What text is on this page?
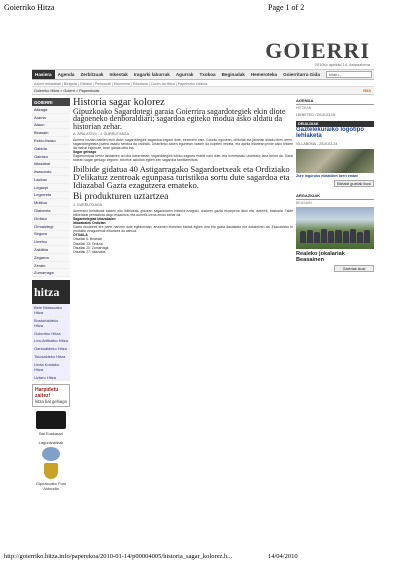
Goierriko Hitza	Page 1 of 2
GOIERRI
2010ko apirilak 14, Asteazkena
Hasiera	Agenda	Zerbitzuak	Inkestak	Iragarki laburrak	Agurrak	Txokoa	Beginadak	Hemeroteka	Goierritarra Gida	bilatu...
Azken orrialdeak | Bizigeak | Ekitaldi | Pertsonak | Ekonomia | Elkarlana | Zuzen da Hitza | Paperezko edizioa
Goierriko Hitza > Goierri > Paperekoak	RSS
GOIERRI
Altzaga
Arama
Ataun
Beasain
Ezkio-Itsaso
Gabiria
Gaintza
Idiazabal
Itsasondo
Lazkao
Legazpi
Legorreta
Mutiloa
Olaberria
Ordizia
Ormaiztegi
Segura
Urretxu
Zaldibia
Zegama
Zerain
Zumarraga
hitza
Bele Bidasoako Hitza
Busturialdeko Hitza
Goierriko Hitza
Lea-Artibaiko Hitza
Oarsoaldeko Hitza
Tolosaldeko Hitza
Urola Kostako Hitza
Uztaro Hitza
Harpidetu zaitez!
hitza bat gehiago
Bai Euskarari
Laguntzaileak
Gipuzkoako Foru Aldundia
Historia sagar kolorez
Gipuzkoako Sagardotegi garaia Goierrira sagardotegiek ekin diote dagoeneko denboraldiari; sagardoa egiteko modua asko aldatu da historian zehar.
A. APALATEGI - J. GURRUTXAGA

Aurrera hoztan dabilen ekin diote; sagardotegiek sagardoa iragarri dute, bezeroen zain. Gaurko egunean, ohiturak eta janariak aldatu diren arren, sagardotegietara joatea usadio sendoa da oraindik. Urtarrileko azken egunetan hasten da kupelen ireketa, eta apirila bitartean jende asko biltzen da mahai inguruan, txotx garaia dela eta.

Sagar gehiago

Sagarrondoak berriz landatzen ari dira baserrietan; sagardotegiek tokiko sagarra erabili nahi dute, eta horretarako urteetako lana behar da. Garai batean sagar gehiago zegoen, eta etxe askotan egiten zen sagardoa familiarentzat.

Ibilbide gidatua 40 Astigarragako Sagardoetxeak eta Ordiziako D'elikatuz zentroak egunpasa turistikoa sortu dute sagardoa eta Idiazabal Gazta ezagutzera emateko.
Bi produkturen uztartzea
J. GURRUTXAGA

Aurrerako turistikoak batzen ditu ibilbideak: goizean sagardoaren historia ezagutu, ondoren gazta ekoizpena ikusi eta, azkenik, bazkaria. Talde txikientzat pentsatuta dago eskaintza, eta aurretik izena eman behar da.

Sagardotegiak Idiazabalen

Idiazabalek Ordizian

Gazta ekoizleek ere parte hartzen dute egitasmoan; artzainen etxeetan bisitak egiten dira eta gazta dastaketa ere eskaintzen da. Eskualdeko bi produktu ezagunenak elkartzea da asmoa.

OTSAILA

Otsailak 6: Beasain

Otsailak 13: Ordizia

Otsailak 20: Zumarraga

Otsailak 27: Idiazabal

AGENDA
HITZEAN
LEHEITEO - 2010-03-05
DEIALDIAK
Gaztelekuraiko logotipo lehiaketa
VILLABONA - 2010-03-24
Zure inguruko ekitaldien berri eman!
Ekitaldi guztiak ikusi
ARGAZKIAK
BEASAIN
Realeko jokalariak Beasainen
Galeriak ikusi
http://goierriko.hitza.info/paperekoa/2010-01-14/p00004005/historia_sagar_kolorez.h...	14/04/2010
